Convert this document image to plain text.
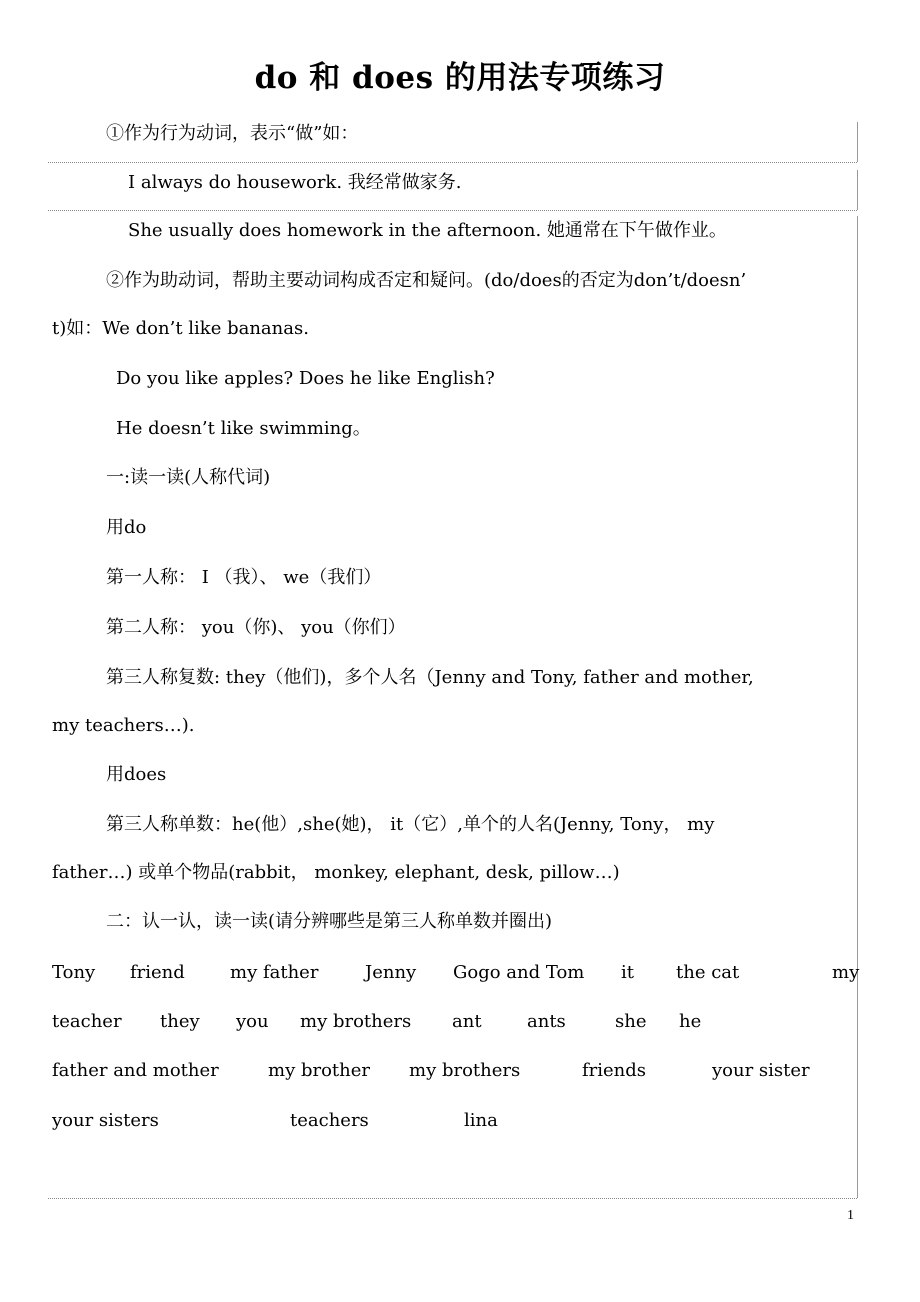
do 和 does 的用法专项练习
①作为行为动词，表示“做”如：
I always do housework. 我经常做家务.
She usually does homework in the afternoon. 她通常在下午做作业。
②作为助动词，帮助主要动词构成否定和疑问。(do/does的否定为don’t/doesn’
t)如：We don’t like bananas.
Do you like apples? Does he like English?
He doesn’t like swimming。
一:读一读(人称代词)
用do
第一人称： I （我）、 we（我们）
第二人称： you（你)、 you（你们）
第三人称复数: they（他们)，多个人名（Jenny and Tony, father and mother,
my teachers…).
用does
第三人称单数：he(他）,she(她)， it（它）,单个的人名(Jenny, Tony， my
father…) 或单个物品(rabbit， monkey, elephant, desk, pillow…)
二：认一认，读一读(请分辨哪些是第三人称单数并圈出)
Tony friend	my father	Jenny Gogo and Tom it the cat	my
teacher they you my brothers ant	ants	she he
father and mother	my brother my brothers	friends	your sister
your sisters	teachers	lina
1
